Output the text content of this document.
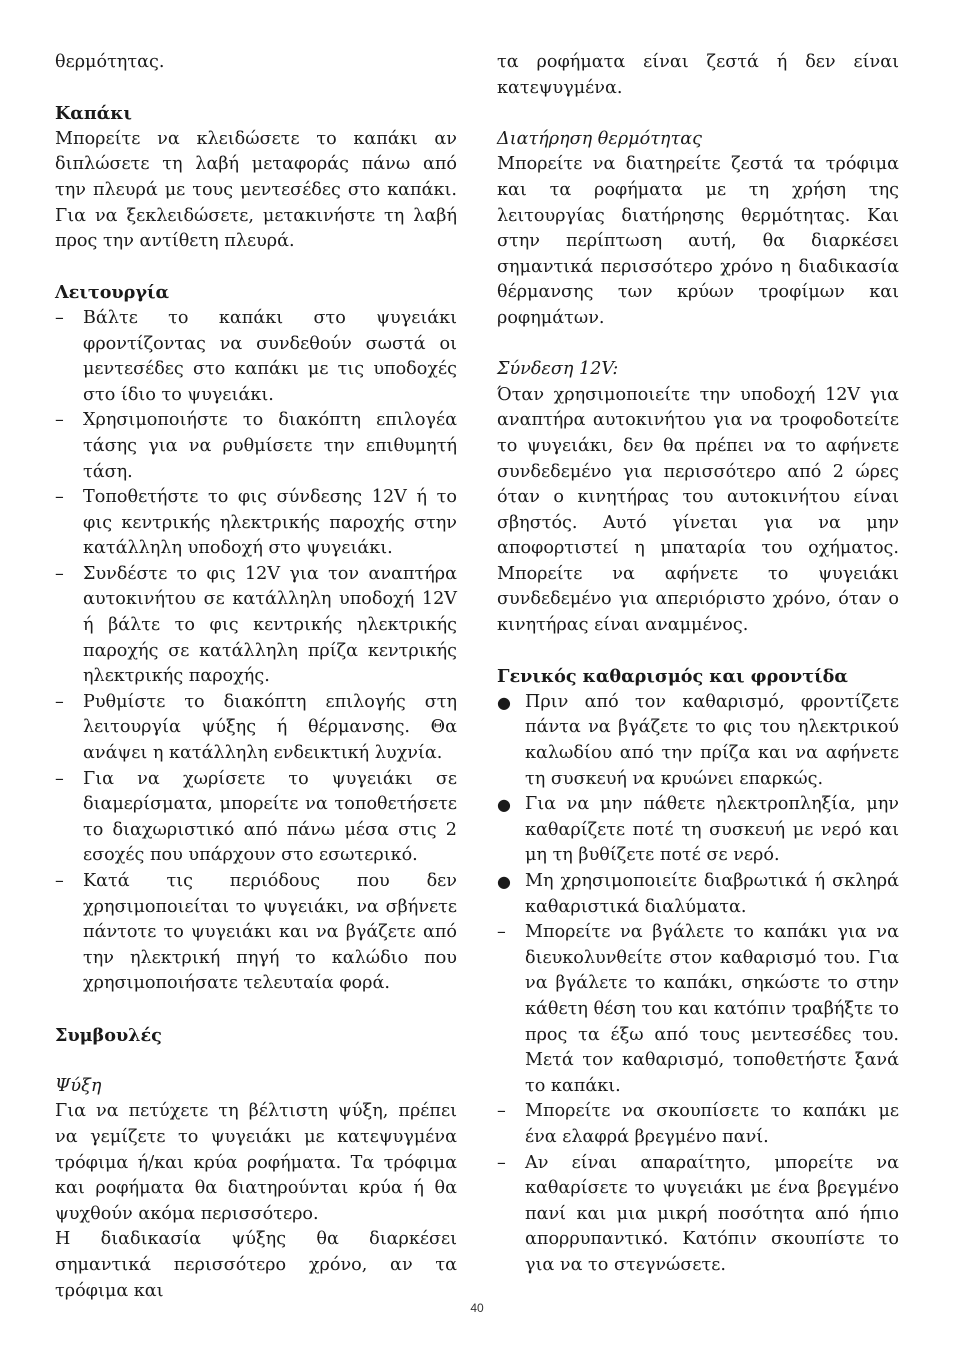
θερμότητας.

Καπάκι

Μπορείτε να κλειδώσετε το καπάκι αν διπλώσετε τη λαβή μεταφοράς πάνω από την πλευρά με τους μεντεσέδες στο καπάκι. Για να ξεκλειδώσετε, μετακινήστε τη λαβή προς την αντίθετη πλευρά.

Λειτουργία

–	Βάλτε το καπάκι στο ψυγειάκι φροντίζοντας να συνδεθούν σωστά οι μεντεσέδες στο καπάκι με τις υποδοχές στο ίδιο το ψυγειάκι.

–	Χρησιμοποιήστε το διακόπτη επιλογέα τάσης για να ρυθμίσετε την επιθυμητή τάση.

–	Τοποθετήστε το φις σύνδεσης 12V ή το φις κεντρικής ηλεκτρικής παροχής στην κατάλληλη υποδοχή στο ψυγειάκι.

–	Συνδέστε το φις 12V για τον αναπτήρα αυτοκινήτου σε κατάλληλη υποδοχή 12V ή βάλτε το φις κεντρικής ηλεκτρικής παροχής σε κατάλληλη πρίζα κεντρικής ηλεκτρικής παροχής.

–	Ρυθμίστε το διακόπτη επιλογής στη λειτουργία ψύξης ή θέρμανσης. Θα ανάψει η κατάλληλη ενδεικτική λυχνία.

–	Για να χωρίσετε το ψυγειάκι σε διαμερίσματα, μπορείτε να τοποθετήσετε το διαχωριστικό από πάνω μέσα στις 2 εσοχές που υπάρχουν στο εσωτερικό.

–	Κατά τις περιόδους που δεν χρησιμοποιείται το ψυγειάκι, να σβήνετε πάντοτε το ψυγειάκι και να βγάζετε από την ηλεκτρική πηγή το καλώδιο που χρησιμοποιήσατε τελευταία φορά.

Συμβουλές

Ψύξη

Για να πετύχετε τη βέλτιστη ψύξη, πρέπει να γεμίζετε το ψυγειάκι με κατεψυγμένα τρόφιμα ή/και κρύα ροφήματα. Τα τρόφιμα και ροφήματα θα διατηρούνται κρύα ή θα ψυχθούν ακόμα περισσότερο.

Η διαδικασία ψύξης θα διαρκέσει σημαντικά περισσότερο χρόνο, αν τα τρόφιμα και

τα ροφήματα είναι ζεστά ή δεν είναι κατεψυγμένα.

Διατήρηση θερμότητας

Μπορείτε να διατηρείτε ζεστά τα τρόφιμα και τα ροφήματα με τη χρήση της λειτουργίας διατήρησης θερμότητας. Και στην περίπτωση αυτή, θα διαρκέσει σημαντικά περισσότερο χρόνο η διαδικασία θέρμανσης των κρύων τροφίμων και ροφημάτων.

Σύνδεση 12V:

Όταν χρησιμοποιείτε την υποδοχή 12V για αναπτήρα αυτοκινήτου για να τροφοδοτείτε το ψυγειάκι, δεν θα πρέπει να το αφήνετε συνδεδεμένο για περισσότερο από 2 ώρες όταν ο κινητήρας του αυτοκινήτου είναι σβηστός. Αυτό γίνεται για να μην αποφορτιστεί η μπαταρία του οχήματος. Μπορείτε να αφήνετε το ψυγειάκι συνδεδεμένο για απεριόριστο χρόνο, όταν ο κινητήρας είναι αναμμένος.

Γενικός καθαρισμός και φροντίδα

● Πριν από τον καθαρισμό, φροντίζετε πάντα να βγάζετε το φις του ηλεκτρικού καλωδίου από την πρίζα και να αφήνετε τη συσκευή να κρυώνει επαρκώς.

● Για να μην πάθετε ηλεκτροπληξία, μην καθαρίζετε ποτέ τη συσκευή με νερό και μη τη βυθίζετε ποτέ σε νερό.

● Μη χρησιμοποιείτε διαβρωτικά ή σκληρά καθαριστικά διαλύματα.

–	Μπορείτε να βγάλετε το καπάκι για να διευκολυνθείτε στον καθαρισμό του. Για να βγάλετε το καπάκι, σηκώστε το στην κάθετη θέση του και κατόπιν τραβήξτε το προς τα έξω από τους μεντεσέδες του. Μετά τον καθαρισμό, τοποθετήστε ξανά το καπάκι.

–	Μπορείτε να σκουπίσετε το καπάκι με ένα ελαφρά βρεγμένο πανί.

–	Αν είναι απαραίτητο, μπορείτε να καθαρίσετε το ψυγειάκι με ένα βρεγμένο πανί και μια μικρή ποσότητα από ήπιο απορρυπαντικό. Κατόπιν σκουπίστε το για να το στεγνώσετε.

40
